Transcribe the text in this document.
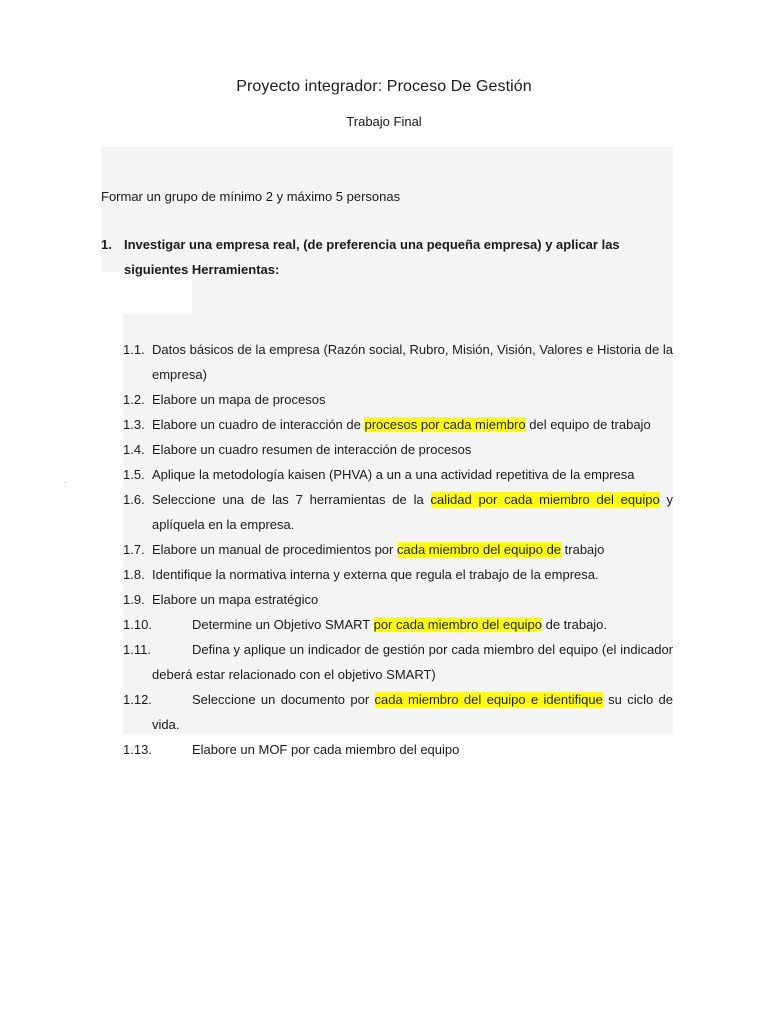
Proyecto integrador: Proceso De Gestión
Trabajo Final
Formar un grupo de mínimo 2 y máximo 5 personas
1. Investigar una empresa real, (de preferencia una pequeña empresa) y aplicar las siguientes Herramientas:
.
1.1. Datos básicos de la empresa (Razón social, Rubro, Misión, Visión, Valores e Historia de la empresa)
1.2. Elabore un mapa de procesos
1.3. Elabore un cuadro de interacción de procesos por cada miembro del equipo de trabajo
1.4. Elabore un cuadro resumen de interacción de procesos
1.5. Aplique la metodología kaisen (PHVA) a un a una actividad repetitiva de la empresa
1.6. Seleccione una de las 7 herramientas de la calidad por cada miembro del equipo y aplíquela en la empresa.
1.7. Elabore un manual de procedimientos por cada miembro del equipo de trabajo
1.8. Identifique la normativa interna y externa que regula el trabajo de la empresa.
1.9. Elabore un mapa estratégico
1.10.	Determine un Objetivo SMART por cada miembro del equipo de trabajo.
1.11.	Defina y aplique un indicador de gestión por cada miembro del equipo (el indicador deberá estar relacionado con el objetivo SMART)
1.12.	Seleccione un documento por cada miembro del equipo e identifique su ciclo de vida.
1.13.	Elabore un MOF por cada miembro del equipo
